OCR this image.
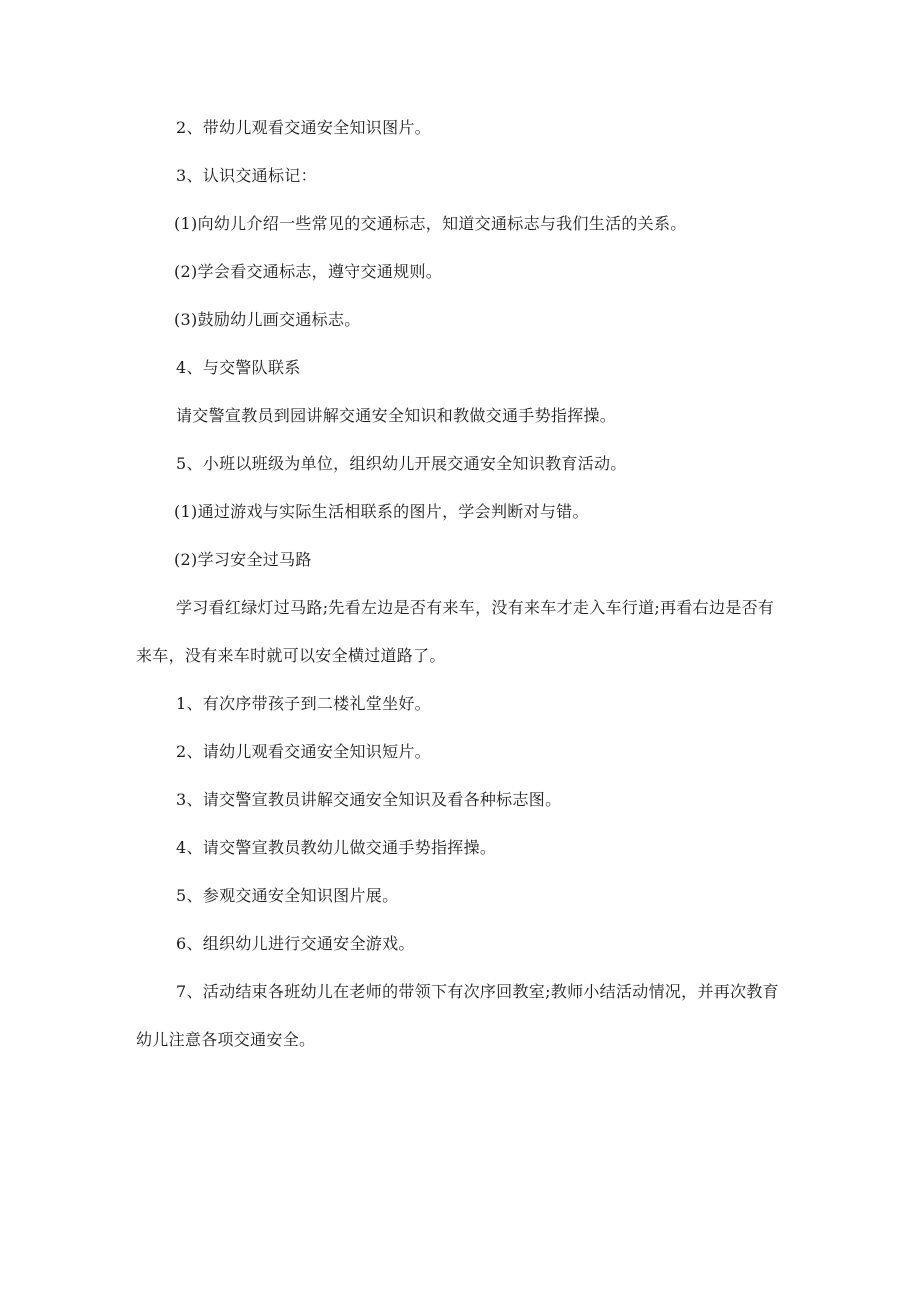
2、带幼儿观看交通安全知识图片。

3、认识交通标记：

(1)向幼儿介绍一些常见的交通标志，知道交通标志与我们生活的关系。

(2)学会看交通标志，遵守交通规则。

(3)鼓励幼儿画交通标志。

4、与交警队联系

请交警宣教员到园讲解交通安全知识和教做交通手势指挥操。

5、小班以班级为单位，组织幼儿开展交通安全知识教育活动。

(1)通过游戏与实际生活相联系的图片，学会判断对与错。

(2)学习安全过马路

学习看红绿灯过马路;先看左边是否有来车，没有来车才走入车行道;再看右边是否有来车，没有来车时就可以安全横过道路了。

1、有次序带孩子到二楼礼堂坐好。

2、请幼儿观看交通安全知识短片。

3、请交警宣教员讲解交通安全知识及看各种标志图。

4、请交警宣教员教幼儿做交通手势指挥操。

5、参观交通安全知识图片展。

6、组织幼儿进行交通安全游戏。

7、活动结束各班幼儿在老师的带领下有次序回教室;教师小结活动情况，并再次教育幼儿注意各项交通安全。
